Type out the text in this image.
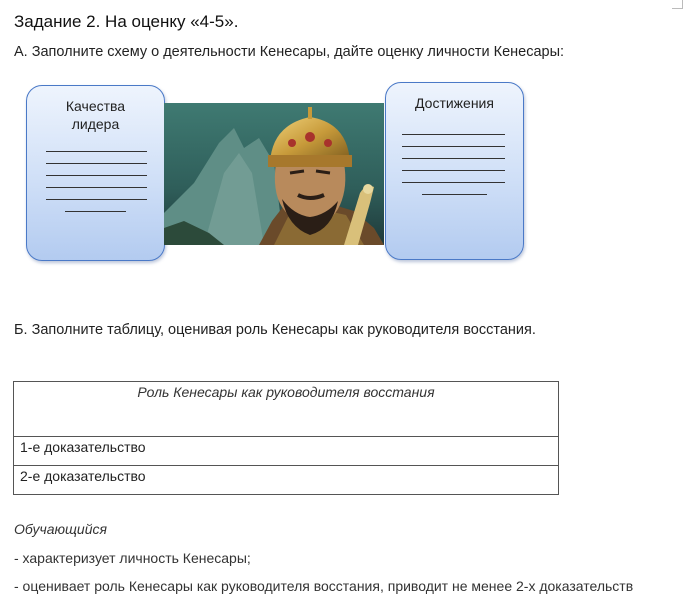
Задание 2. На оценку «4-5».
А. Заполните схему о деятельности Кенесары, дайте оценку личности Кенесары:
Качества
лидера
Достижения
Б. Заполните таблицу, оценивая роль Кенесары как руководителя восстания.
Роль Кенесары как руководителя восстания
1-е доказательство
2-е доказательство
Обучающийся
- характеризует личность Кенесары;
- оценивает роль Кенесары как руководителя восстания, приводит не менее 2-х доказательств
